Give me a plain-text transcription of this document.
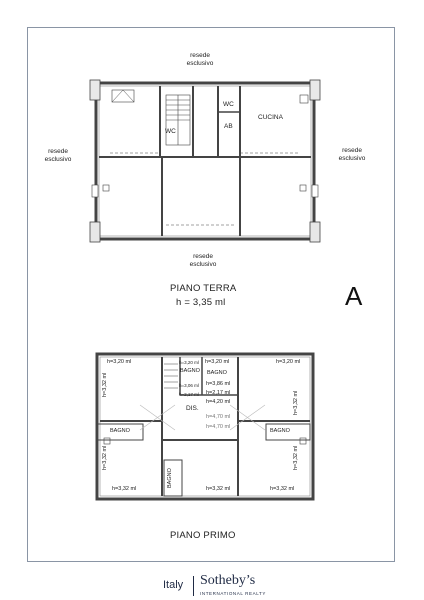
resede
esclusivo
resede
esclusivo
resede
esclusivo
resede
esclusivo
WC
WC
AB
CUCINA
PIANO TERRA
h = 3,35 ml	A
h=3,20 ml
h=3,32 ml
h=3,20 ml
h=3,32 ml
h=3,20 ml h=3,20 ml
BAGNO BAGNO
h=3,06 ml
h=2,17 ml
h=3,86 ml
h=2,17 ml
h=4,20 ml
DIS.
h=4,70 ml
h=4,70 ml
BAGNO	BAGNO
BAGNO
h=3,32 ml
h=3,32 ml	h=3,32 ml
h=3,32 ml
h=3,32 ml
PIANO PRIMO
Italy Sotheby’s
INTERNATIONAL REALTY
